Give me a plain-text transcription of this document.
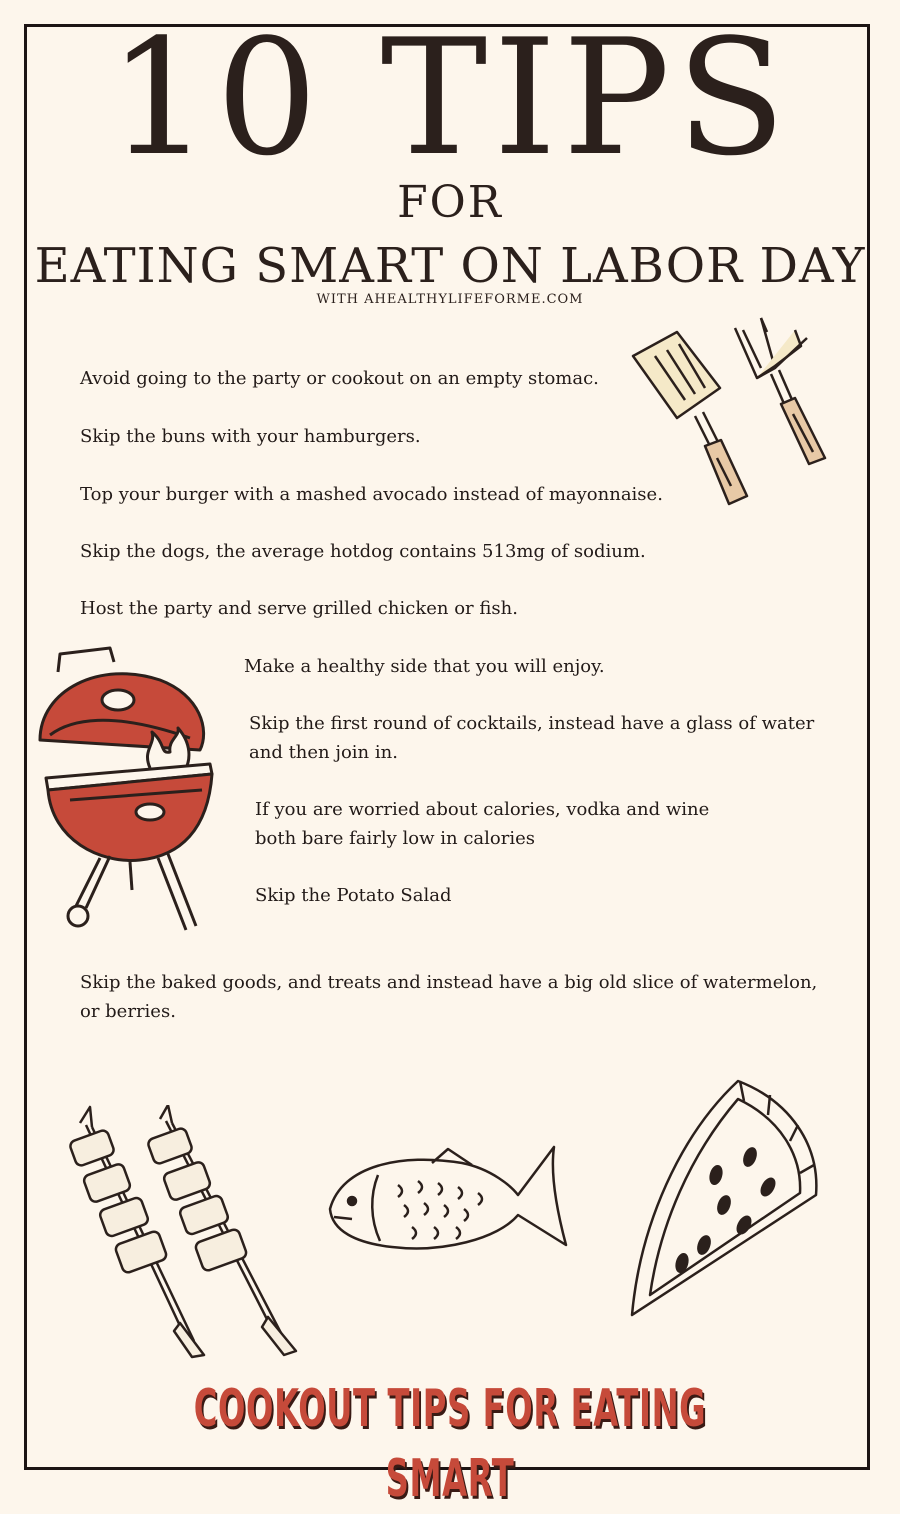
10 TIPS
FOR
EATING SMART ON LABOR DAY
WITH AHEALTHYLIFEFORME.COM
Avoid going to the party or cookout on an empty stomac.
Skip the buns with your hamburgers.
Top your burger with a mashed avocado instead of mayonnaise.
Skip the dogs, the average hotdog contains 513mg of sodium.
Host the party and serve grilled chicken or fish.
Make a healthy side that you will enjoy.
Skip the first round of cocktails, instead have a glass of water
and then join in.
If you are worried about calories, vodka and wine
both bare fairly low in calories
Skip the Potato Salad
Skip the baked goods, and treats and instead have a big old slice of watermelon,
or berries.
COOKOUT TIPS FOR EATING SMART
